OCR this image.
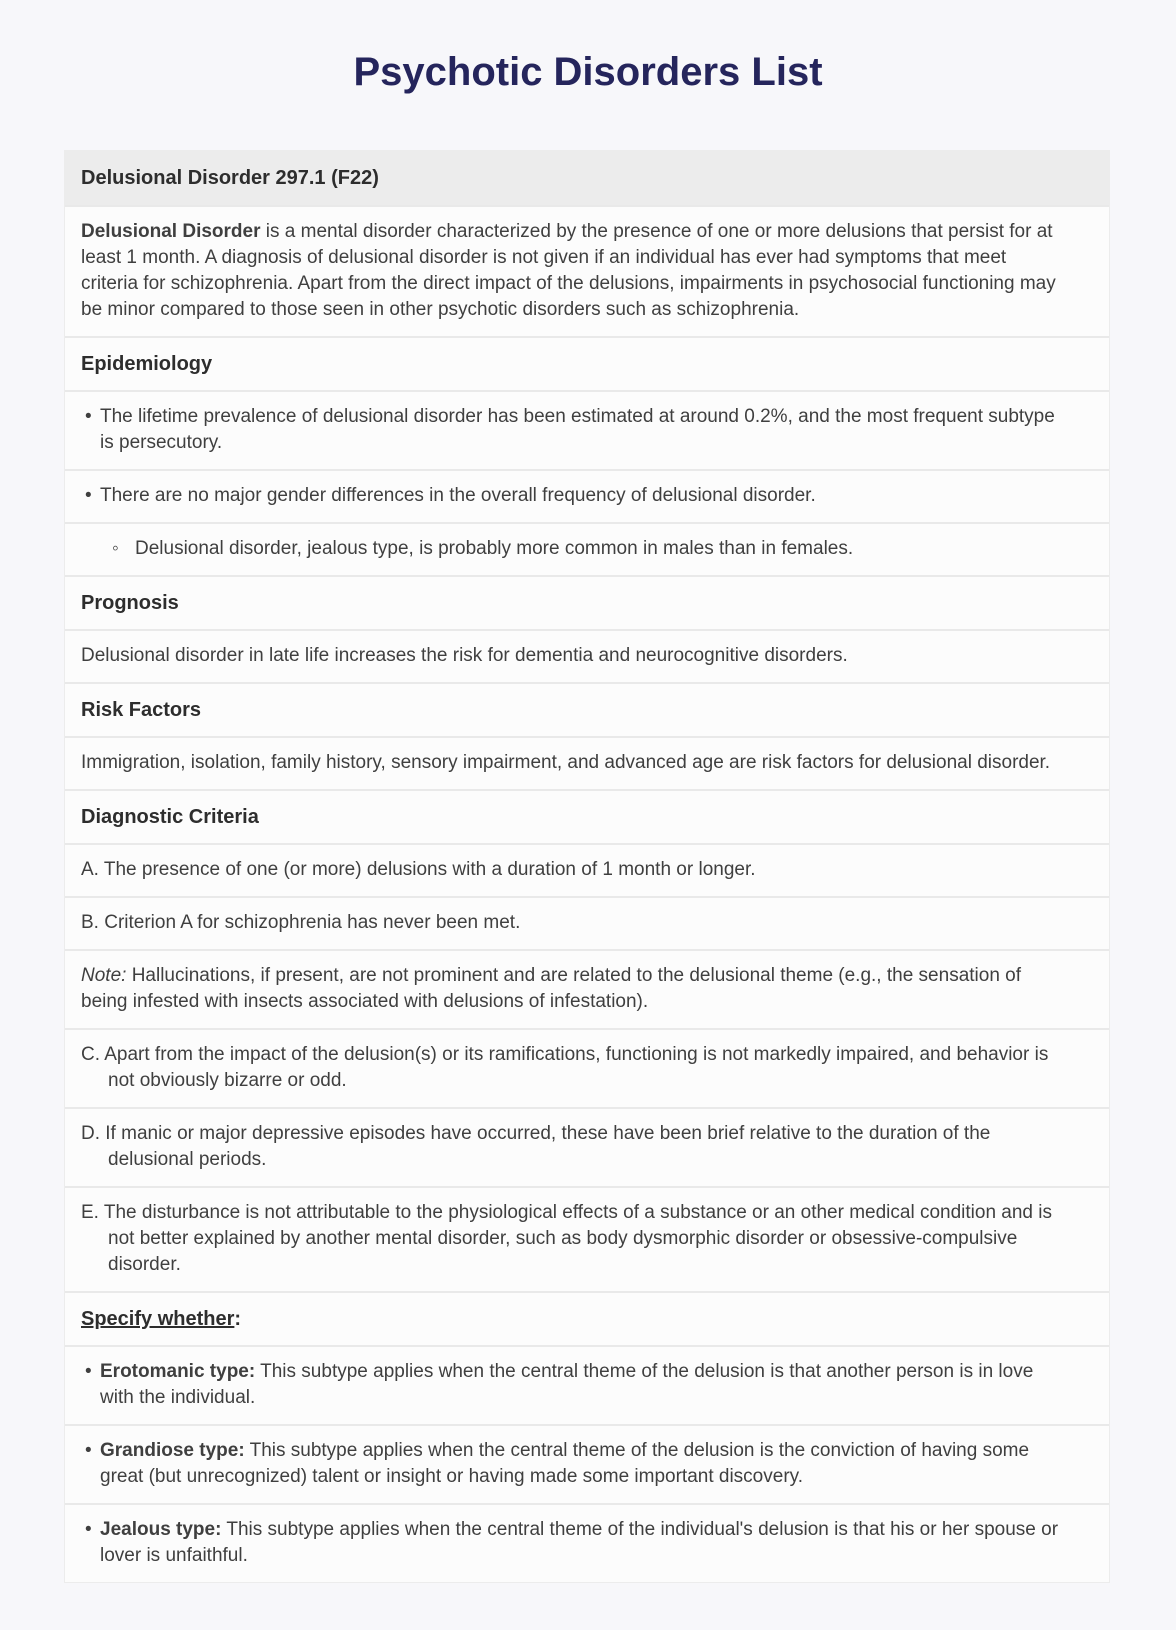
Psychotic Disorders List
Delusional Disorder 297.1 (F22)
Delusional Disorder is a mental disorder characterized by the presence of one or more delusions that persist for at least 1 month. A diagnosis of delusional disorder is not given if an individual has ever had symptoms that meet criteria for schizophrenia. Apart from the direct impact of the delusions, impairments in psychosocial functioning may be minor compared to those seen in other psychotic disorders such as schizophrenia.
Epidemiology
• The lifetime prevalence of delusional disorder has been estimated at around 0.2%, and the most frequent subtype is persecutory.
• There are no major gender differences in the overall frequency of delusional disorder.
◦ Delusional disorder, jealous type, is probably more common in males than in females.
Prognosis
Delusional disorder in late life increases the risk for dementia and neurocognitive disorders.
Risk Factors
Immigration, isolation, family history, sensory impairment, and advanced age are risk factors for delusional disorder.
Diagnostic Criteria
A. The presence of one (or more) delusions with a duration of 1 month or longer.
B. Criterion A for schizophrenia has never been met.
Note: Hallucinations, if present, are not prominent and are related to the delusional theme (e.g., the sensation of being infested with insects associated with delusions of infestation).
C. Apart from the impact of the delusion(s) or its ramifications, functioning is not markedly impaired, and behavior is not obviously bizarre or odd.
D. If manic or major depressive episodes have occurred, these have been brief relative to the duration of the delusional periods.
E. The disturbance is not attributable to the physiological effects of a substance or an other medical condition and is not better explained by another mental disorder, such as body dysmorphic disorder or obsessive-compulsive disorder.
Specify whether:
• Erotomanic type: This subtype applies when the central theme of the delusion is that another person is in love with the individual.
• Grandiose type: This subtype applies when the central theme of the delusion is the conviction of having some great (but unrecognized) talent or insight or having made some important discovery.
• Jealous type: This subtype applies when the central theme of the individual's delusion is that his or her spouse or lover is unfaithful.
